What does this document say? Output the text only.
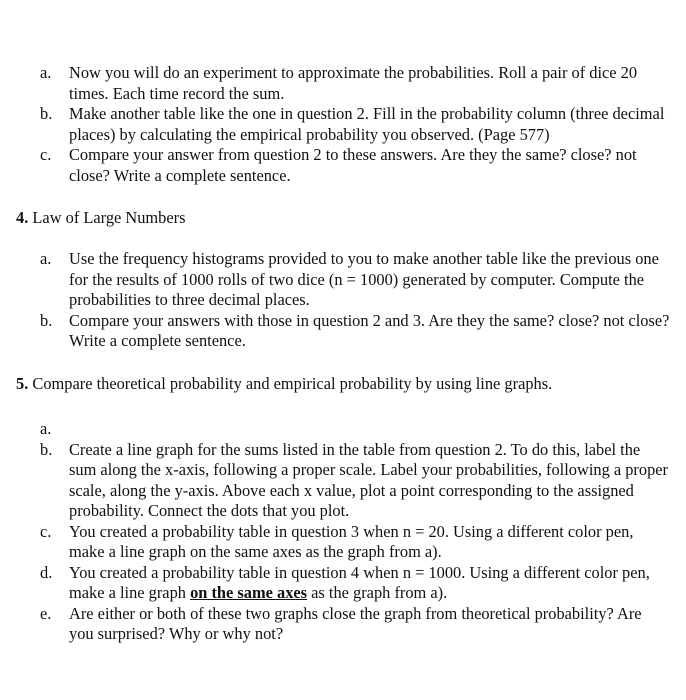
a. Now you will do an experiment to approximate the probabilities. Roll a pair of dice 20 times. Each time record the sum.
b. Make another table like the one in question 2. Fill in the probability column (three decimal places) by calculating the empirical probability you observed. (Page 577)
c. Compare your answer from question 2 to these answers. Are they the same? close? not close? Write a complete sentence.
4. Law of Large Numbers
a. Use the frequency histograms provided to you to make another table like the previous one for the results of 1000 rolls of two dice (n = 1000) generated by computer. Compute the probabilities to three decimal places.
b. Compare your answers with those in question 2 and 3. Are they the same? close? not close? Write a complete sentence.
5. Compare theoretical probability and empirical probability by using line graphs.
a.
b. Create a line graph for the sums listed in the table from question 2. To do this, label the sum along the x-axis, following a proper scale. Label your probabilities, following a proper scale, along the y-axis. Above each x value, plot a point corresponding to the assigned probability. Connect the dots that you plot.
c. You created a probability table in question 3 when n = 20. Using a different color pen, make a line graph on the same axes as the graph from a).
d. You created a probability table in question 4 when n = 1000. Using a different color pen, make a line graph on the same axes as the graph from a).
e. Are either or both of these two graphs close the graph from theoretical probability? Are you surprised? Why or why not?
